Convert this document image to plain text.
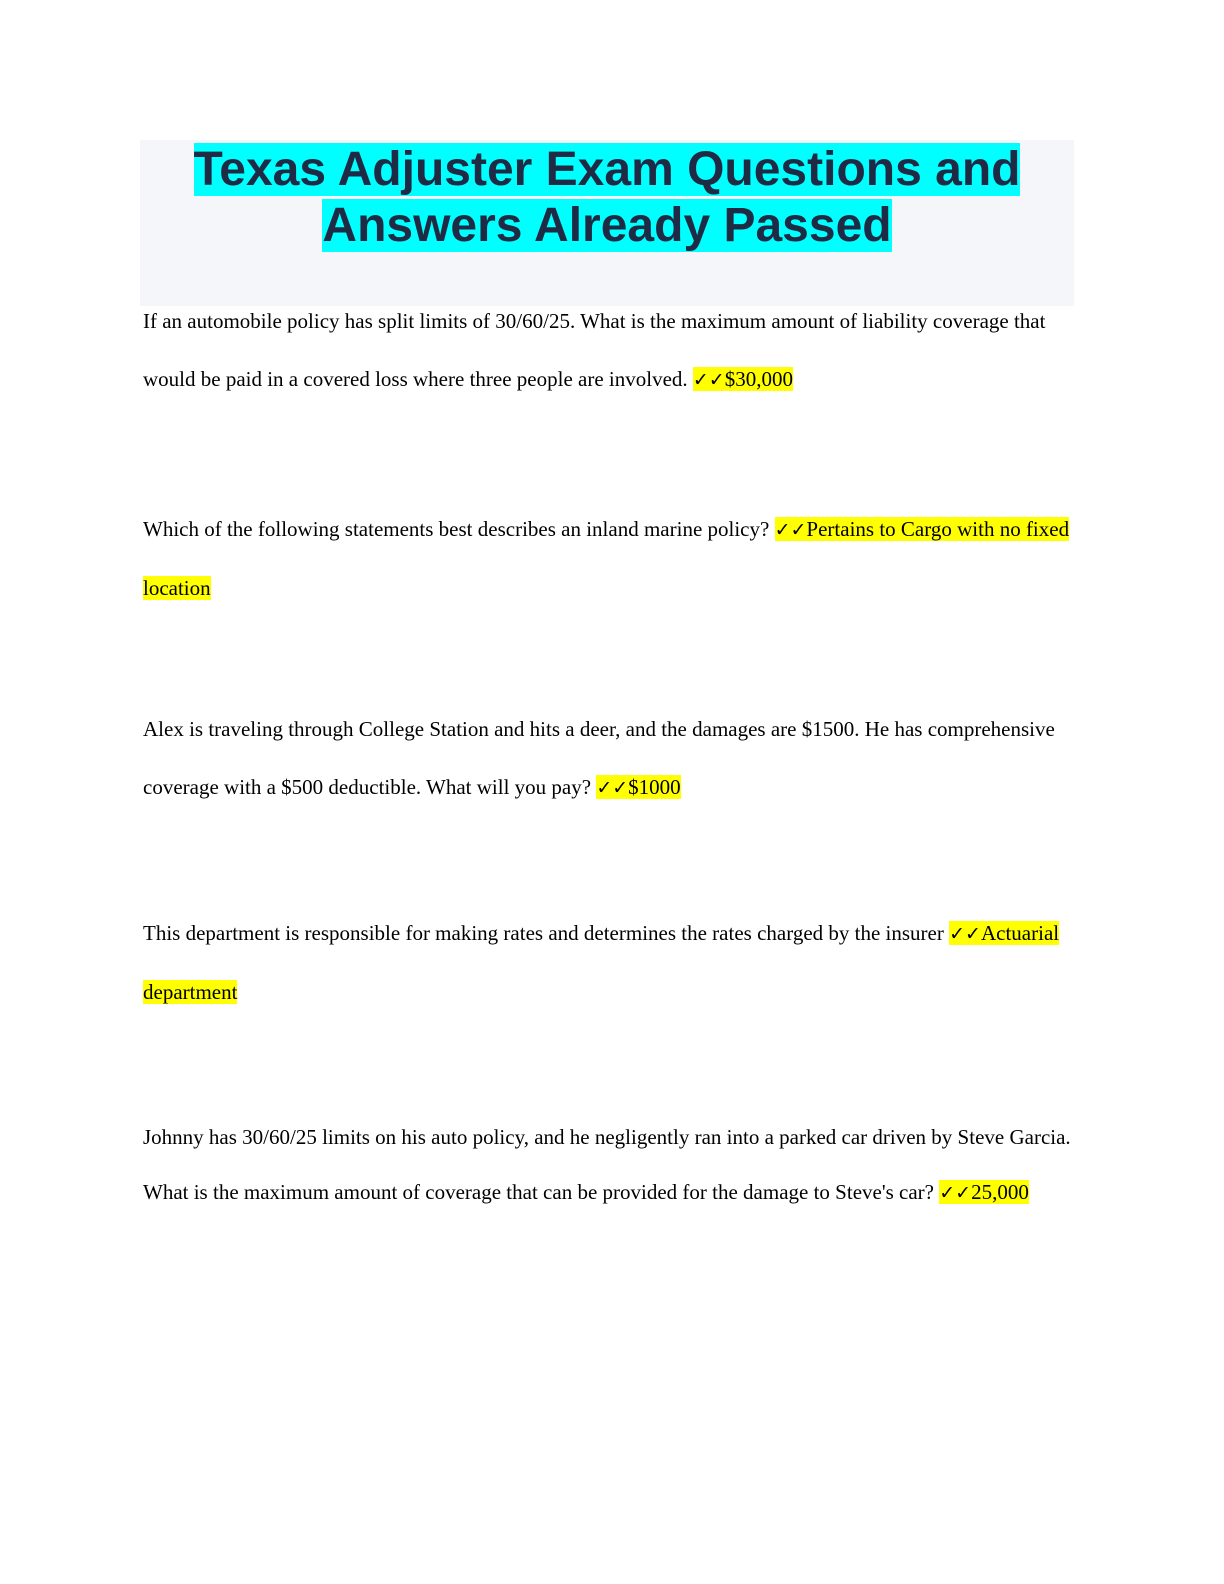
Texas Adjuster Exam Questions and
Answers Already Passed

If an automobile policy has split limits of 30/60/25. What is the maximum amount of liability coverage that would be paid in a covered loss where three people are involved. ✓✓$30,000

Which of the following statements best describes an inland marine policy? ✓✓Pertains to Cargo with no fixed location

Alex is traveling through College Station and hits a deer, and the damages are $1500. He has comprehensive coverage with a $500 deductible. What will you pay? ✓✓$1000

This department is responsible for making rates and determines the rates charged by the insurer ✓✓Actuarial department

Johnny has 30/60/25 limits on his auto policy, and he negligently ran into a parked car driven by Steve Garcia. What is the maximum amount of coverage that can be provided for the damage to Steve's car? ✓✓25,000
